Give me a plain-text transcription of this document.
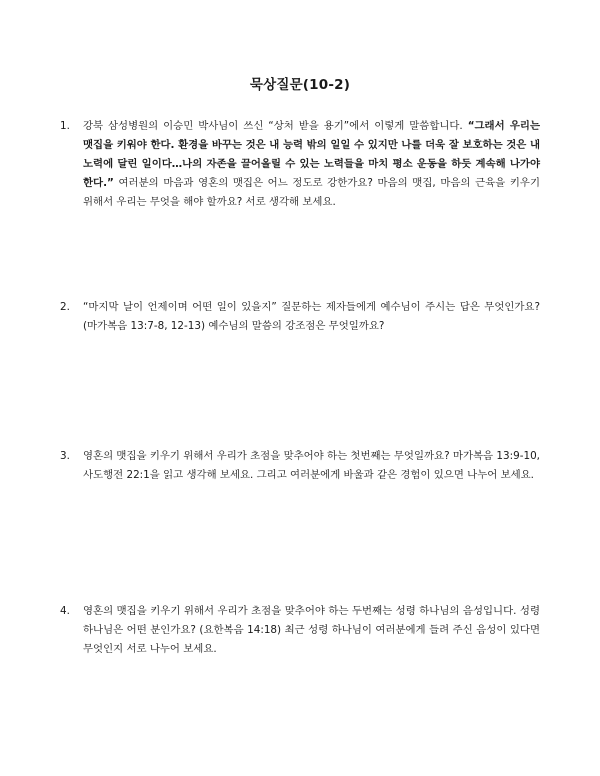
묵상질문(10-2)
1. 강북 삼성병원의 이승민 박사님이 쓰신 “상처 받을 용기”에서 이렇게 말씀합니다. “그래서 우리는 맷집을 키워야 한다. 환경을 바꾸는 것은 내 능력 밖의 일일 수 있지만 나를 더욱 잘 보호하는 것은 내 노력에 달린 일이다…나의 자존을 끌어올릴 수 있는 노력들을 마치 평소 운동을 하듯 계속해 나가야 한다.” 여러분의 마음과 영혼의 맷집은 어느 정도로 강한가요? 마음의 맷집, 마음의 근육을 키우기 위해서 우리는 무엇을 해야 할까요? 서로 생각해 보세요.
2. “마지막 날이 언제이며 어떤 일이 있을지” 질문하는 제자들에게 예수님이 주시는 답은 무엇인가요? (마가복음 13:7-8, 12-13) 예수님의 말씀의 강조점은 무엇일까요?
3. 영혼의 맷집을 키우기 위해서 우리가 초점을 맞추어야 하는 첫번째는 무엇일까요? 마가복음 13:9-10, 사도행전 22:1을 읽고 생각해 보세요. 그리고 여러분에게 바울과 같은 경험이 있으면 나누어 보세요.
4. 영혼의 맷집을 키우기 위해서 우리가 초점을 맞추어야 하는 두번째는 성령 하나님의 음성입니다. 성령 하나님은 어떤 분인가요? (요한복음 14:18) 최근 성령 하나님이 여러분에게 들려 주신 음성이 있다면 무엇인지 서로 나누어 보세요.
